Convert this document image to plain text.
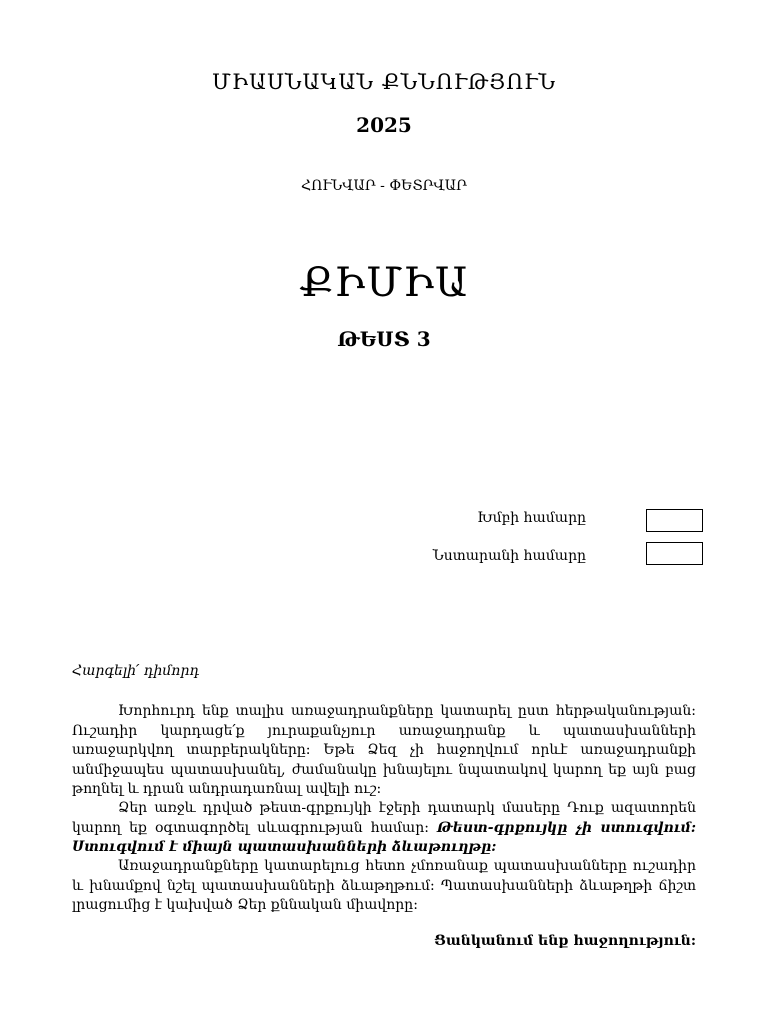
ՄԻԱՍՆԱԿԱՆ ՔՆՆՈՒԹՅՈՒՆ
2025
ՀՈՒՆՎԱՐ - ՓԵՏՐՎԱՐ
ՔԻՄԻԱ
ԹԵՍՏ 3
Խմբի համարը
Նստարանի համարը
Հարգելի՛ դիմորդ

Խորհուրդ ենք տալիս առաջադրանքները կատարել ըստ հերթականության: Ուշադիր կարդացե՛ք յուրաքանչյուր առաջադրանք և պատասխանների առաջարկվող տարբերակները: Եթե Ձեզ չի հաջողվում որևէ առաջադրանքի անմիջապես պատասխանել, ժամանակը խնայելու նպատակով կարող եք այն բաց թողնել և դրան անդրադառնալ ավելի ուշ:

Ձեր առջև դրված թեստ-գրքույկի էջերի դատարկ մասերը Դուք ազատորեն կարող եք օգտագործել սևագրության համար: Թեստ-գրքույկը չի ստուգվում: Ստուգվում է միայն պատասխանների ձևաթուղթը:

Առաջադրանքները կատարելուց հետո չմոռանաք պատասխանները ուշադիր և խնամքով նշել պատասխանների ձևաթղթում: Պատասխանների ձևաթղթի ճիշտ լրացումից է կախված Ձեր քննական միավորը:

Ցանկանում ենք հաջողություն:
